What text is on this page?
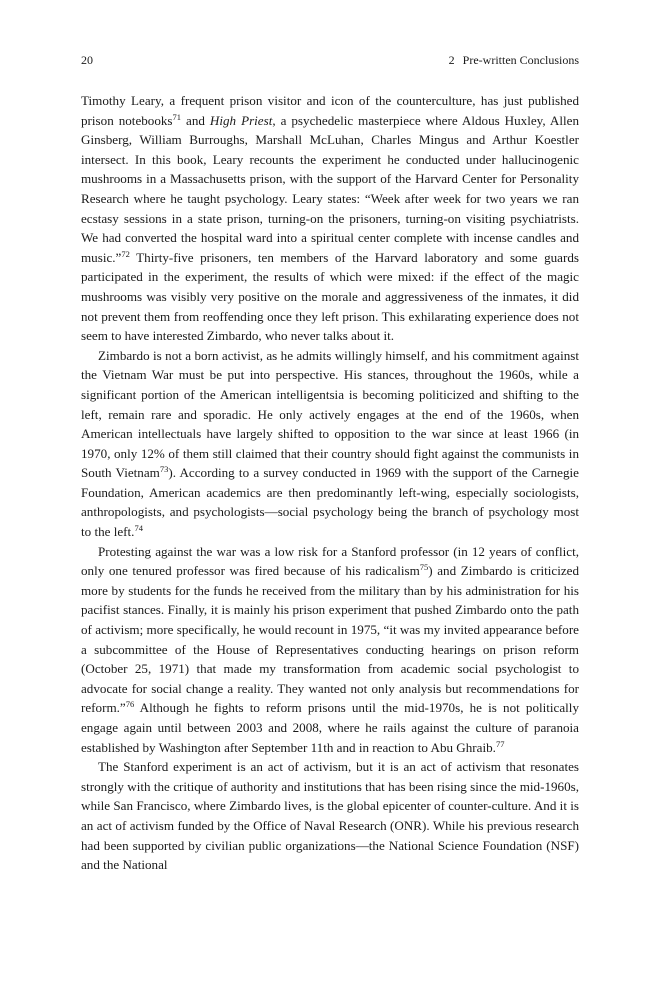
20	2 Pre-written Conclusions

Timothy Leary, a frequent prison visitor and icon of the counterculture, has just published prison notebooks$^{71}$ and High Priest, a psychedelic masterpiece where Aldous Huxley, Allen Ginsberg, William Burroughs, Marshall McLuhan, Charles Mingus and Arthur Koestler intersect. In this book, Leary recounts the experiment he conducted under hallucinogenic mushrooms in a Massachusetts prison, with the support of the Harvard Center for Personality Research where he taught psychology. Leary states: “Week after week for two years we ran ecstasy sessions in a state prison, turning-on the prisoners, turning-on visiting psychiatrists. We had converted the hospital ward into a spiritual center complete with incense candles and music.”$^{72}$ Thirty-five prisoners, ten members of the Harvard laboratory and some guards participated in the experiment, the results of which were mixed: if the effect of the magic mushrooms was visibly very positive on the morale and aggressiveness of the inmates, it did not prevent them from reoffending once they left prison. This exhilarating experience does not seem to have interested Zimbardo, who never talks about it.

Zimbardo is not a born activist, as he admits willingly himself, and his commitment against the Vietnam War must be put into perspective. His stances, throughout the 1960s, while a significant portion of the American intelligentsia is becoming politicized and shifting to the left, remain rare and sporadic. He only actively engages at the end of the 1960s, when American intellectuals have largely shifted to opposition to the war since at least 1966 (in 1970, only 12% of them still claimed that their country should fight against the communists in South Vietnam$^{73}$). According to a survey conducted in 1969 with the support of the Carnegie Foundation, American academics are then predominantly left-wing, especially sociologists, anthropologists, and psychologists—social psychology being the branch of psychology most to the left.$^{74}$

Protesting against the war was a low risk for a Stanford professor (in 12 years of conflict, only one tenured professor was fired because of his radicalism$^{75}$) and Zimbardo is criticized more by students for the funds he received from the military than by his administration for his pacifist stances. Finally, it is mainly his prison experiment that pushed Zimbardo onto the path of activism; more specifically, he would recount in 1975, “it was my invited appearance before a subcommittee of the House of Representatives conducting hearings on prison reform (October 25, 1971) that made my transformation from academic social psychologist to advocate for social change a reality. They wanted not only analysis but recommendations for reform.”$^{76}$ Although he fights to reform prisons until the mid-1970s, he is not politically engage again until between 2003 and 2008, where he rails against the culture of paranoia established by Washington after September 11th and in reaction to Abu Ghraib.$^{77}$

The Stanford experiment is an act of activism, but it is an act of activism that resonates strongly with the critique of authority and institutions that has been rising since the mid-1960s, while San Francisco, where Zimbardo lives, is the global epicenter of counter-culture. And it is an act of activism funded by the Office of Naval Research (ONR). While his previous research had been supported by civilian public organizations—the National Science Foundation (NSF) and the National
